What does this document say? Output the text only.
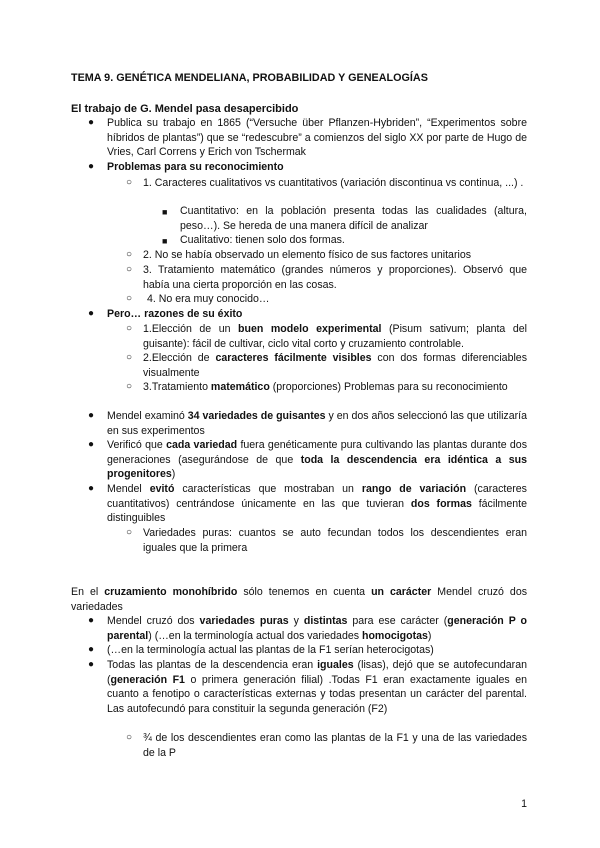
TEMA 9. GENÉTICA MENDELIANA, PROBABILIDAD Y GENEALOGÍAS
El trabajo de G. Mendel pasa desapercibido
● Publica su trabajo en 1865 (“Versuche über Pflanzen-Hybriden”, “Experimentos sobre híbridos de plantas”) que se “redescubre” a comienzos del siglo XX por parte de Hugo de Vries, Carl Correns y Erich von Tschermak
● Problemas para su reconocimiento
○ 1. Caracteres cualitativos vs cuantitativos (variación discontinua vs continua, ...) .
■ Cuantitativo: en la población presenta todas las cualidades (altura, peso…). Se hereda de una manera difícil de analizar
■ Cualitativo: tienen solo dos formas.
○ 2. No se había observado un elemento físico de sus factores unitarios
○ 3. Tratamiento matemático (grandes números y proporciones). Observó que había una cierta proporción en las cosas.
○ 4. No era muy conocido…
● Pero… razones de su éxito
○ 1.Elección de un buen modelo experimental (Pisum sativum; planta del guisante): fácil de cultivar, ciclo vital corto y cruzamiento controlable.
○ 2.Elección de caracteres fácilmente visibles con dos formas diferenciables visualmente
○ 3.Tratamiento matemático (proporciones) Problemas para su reconocimiento
● Mendel examinó 34 variedades de guisantes y en dos años seleccionó las que utilizaría en sus experimentos
● Verificó que cada variedad fuera genéticamente pura cultivando las plantas durante dos generaciones (asegurándose de que toda la descendencia era idéntica a sus progenitores)
● Mendel evitó características que mostraban un rango de variación (caracteres cuantitativos) centrándose únicamente en las que tuvieran dos formas fácilmente distinguibles
○ Variedades puras: cuantos se auto fecundan todos los descendientes eran iguales que la primera
En el cruzamiento monohíbrido sólo tenemos en cuenta un carácter Mendel cruzó dos variedades
● Mendel cruzó dos variedades puras y distintas para ese carácter (generación P o parental) (…en la terminología actual dos variedades homocigotas)
● (…en la terminología actual las plantas de la F1 serían heterocigotas)
● Todas las plantas de la descendencia eran iguales (lisas), dejó que se autofecundaran (generación F1 o primera generación filial) .Todas F1 eran exactamente iguales en cuanto a fenotipo o características externas y todas presentan un carácter del parental. Las autofecundó para constituir la segunda generación (F2)
○ ¾ de los descendientes eran como las plantas de la F1 y una de las variedades de la P
1
